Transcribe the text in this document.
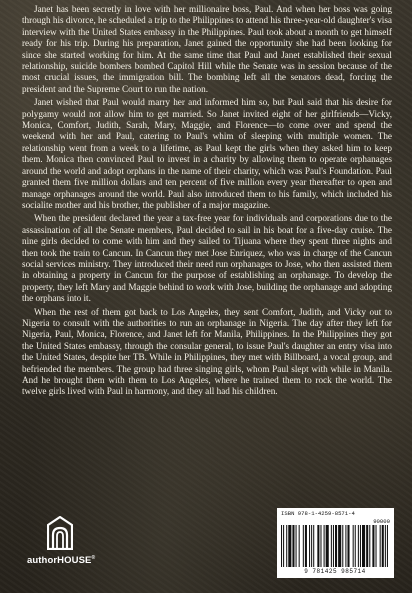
Janet has been secretly in love with her millionaire boss, Paul. And when her boss was going through his divorce, he scheduled a trip to the Philippines to attend his three-year-old daughter's visa interview with the United States embassy in the Philippines. Paul took about a month to get himself ready for his trip. During his preparation, Janet gained the opportunity she had been looking for since she started working for him. At the same time that Paul and Janet established their sexual relationship, suicide bombers bombed Capitol Hill while the Senate was in session because of the most crucial issues, the immigration bill. The bombing left all the senators dead, forcing the president and the Supreme Court to run the nation.

Janet wished that Paul would marry her and informed him so, but Paul said that his desire for polygamy would not allow him to get married. So Janet invited eight of her girlfriends—Vicky, Monica, Comfort, Judith, Sarah, Mary, Maggie, and Florence—to come over and spend the weekend with her and Paul, catering to Paul's whim of sleeping with multiple women. The relationship went from a week to a lifetime, as Paul kept the girls when they asked him to keep them. Monica then convinced Paul to invest in a charity by allowing them to operate orphanages around the world and adopt orphans in the name of their charity, which was Paul's Foundation. Paul granted them five million dollars and ten percent of five million every year thereafter to open and manage orphanages around the world. Paul also introduced them to his family, which included his socialite mother and his brother, the publisher of a major magazine.

When the president declared the year a tax-free year for individuals and corporations due to the assassination of all the Senate members, Paul decided to sail in his boat for a five-day cruise. The nine girls decided to come with him and they sailed to Tijuana where they spent three nights and then took the train to Cancun. In Cancun they met Jose Enriquez, who was in charge of the Cancun social services ministry. They introduced their need run orphanages to Jose, who then assisted them in obtaining a property in Cancun for the purpose of establishing an orphanage. To develop the property, they left Mary and Maggie behind to work with Jose, building the orphanage and adopting the orphans into it.

When the rest of them got back to Los Angeles, they sent Comfort, Judith, and Vicky out to Nigeria to consult with the authorities to run an orphanage in Nigeria. The day after they left for Nigeria, Paul, Monica, Florence, and Janet left for Manila, Philippines. In the Philippines they got the United States embassy, through the consular general, to issue Paul's daughter an entry visa into the United States, despite her TB. While in Philippines, they met with Billboard, a vocal group, and befriended the members. The group had three singing girls, whom Paul slept with while in Manila. And he brought them with them to Los Angeles, where he trained them to rock the world. The twelve girls lived with Paul in harmony, and they all had his children.

authorHOUSE®
ISBN 978-1-4259-8571-4
90000
9 781425 985714
